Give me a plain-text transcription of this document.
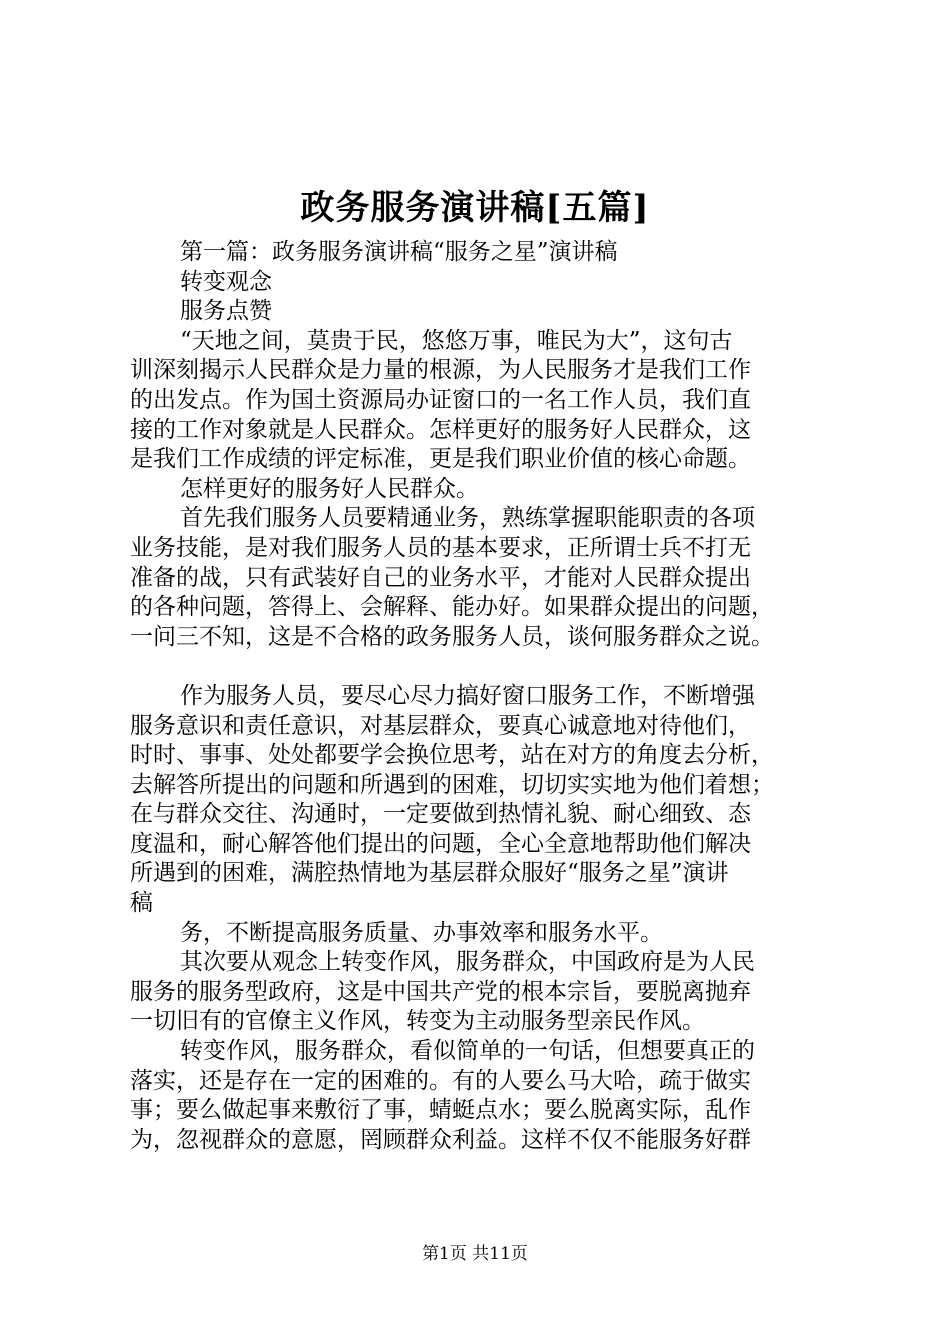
政务服务演讲稿[五篇]
第一篇：政务服务演讲稿“服务之星”演讲稿
转变观念
服务点赞
“天地之间，莫贵于民，悠悠万事，唯民为大”，这句古
训深刻揭示人民群众是力量的根源，为人民服务才是我们工作
的出发点。作为国土资源局办证窗口的一名工作人员，我们直
接的工作对象就是人民群众。怎样更好的服务好人民群众，这
是我们工作成绩的评定标准，更是我们职业价值的核心命题。
怎样更好的服务好人民群众。
首先我们服务人员要精通业务，熟练掌握职能职责的各项
业务技能，是对我们服务人员的基本要求，正所谓士兵不打无
准备的战，只有武装好自己的业务水平，才能对人民群众提出
的各种问题，答得上、会解释、能办好。如果群众提出的问题，
一问三不知，这是不合格的政务服务人员，谈何服务群众之说。
作为服务人员，要尽心尽力搞好窗口服务工作，不断增强
服务意识和责任意识，对基层群众，要真心诚意地对待他们，
时时、事事、处处都要学会换位思考，站在对方的角度去分析，
去解答所提出的问题和所遇到的困难，切切实实地为他们着想；
在与群众交往、沟通时，一定要做到热情礼貌、耐心细致、态
度温和，耐心解答他们提出的问题，全心全意地帮助他们解决
所遇到的困难，满腔热情地为基层群众服好“服务之星”演讲
稿
务，不断提高服务质量、办事效率和服务水平。
其次要从观念上转变作风，服务群众，中国政府是为人民
服务的服务型政府，这是中国共产党的根本宗旨，要脱离抛弃
一切旧有的官僚主义作风，转变为主动服务型亲民作风。
转变作风，服务群众，看似简单的一句话，但想要真正的
落实，还是存在一定的困难的。有的人要么马大哈，疏于做实
事；要么做起事来敷衍了事，蜻蜓点水；要么脱离实际，乱作
为，忽视群众的意愿，罔顾群众利益。这样不仅不能服务好群
第1页 共11页
